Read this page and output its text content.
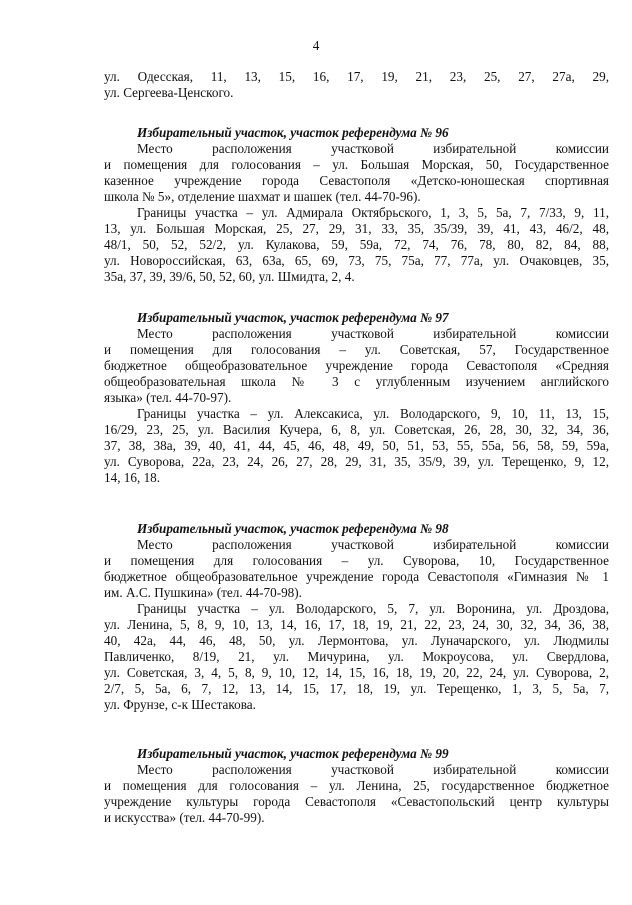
4
ул. Одесская, 11, 13, 15, 16, 17, 19, 21, 23, 25, 27, 27а, 29,
ул. Сергеева-Ценского.
Избирательный участок, участок референдума № 96
Место расположения участковой избирательной комиссии
и помещения для голосования – ул. Большая Морская, 50, Государственное
казенное учреждение города Севастополя «Детско-юношеская спортивная
школа № 5», отделение шахмат и шашек (тел. 44-70-96).
Границы участка – ул. Адмирала Октябрьского, 1, 3, 5, 5а, 7, 7/33, 9, 11,
13, ул. Большая Морская, 25, 27, 29, 31, 33, 35, 35/39, 39, 41, 43, 46/2, 48,
48/1, 50, 52, 52/2, ул. Кулакова, 59, 59а, 72, 74, 76, 78, 80, 82, 84, 88,
ул. Новороссийская, 63, 63а, 65, 69, 73, 75, 75а, 77, 77а, ул. Очаковцев, 35,
35а, 37, 39, 39/6, 50, 52, 60, ул. Шмидта, 2, 4.
Избирательный участок, участок референдума № 97
Место расположения участковой избирательной комиссии
и помещения для голосования – ул. Советская, 57, Государственное
бюджетное общеобразовательное учреждение города Севастополя «Средняя
общеобразовательная школа № 3 с углубленным изучением английского
языка» (тел. 44-70-97).
Границы участка – ул. Алексакиса, ул. Володарского, 9, 10, 11, 13, 15,
16/29, 23, 25, ул. Василия Кучера, 6, 8, ул. Советская, 26, 28, 30, 32, 34, 36,
37, 38, 38а, 39, 40, 41, 44, 45, 46, 48, 49, 50, 51, 53, 55, 55а, 56, 58, 59, 59а,
ул. Суворова, 22а, 23, 24, 26, 27, 28, 29, 31, 35, 35/9, 39, ул. Терещенко, 9, 12,
14, 16, 18.
Избирательный участок, участок референдума № 98
Место расположения участковой избирательной комиссии
и помещения для голосования – ул. Суворова, 10, Государственное
бюджетное общеобразовательное учреждение города Севастополя «Гимназия № 1
им. А.С. Пушкина» (тел. 44-70-98).
Границы участка – ул. Володарского, 5, 7, ул. Воронина, ул. Дроздова,
ул. Ленина, 5, 8, 9, 10, 13, 14, 16, 17, 18, 19, 21, 22, 23, 24, 30, 32, 34, 36, 38,
40, 42а, 44, 46, 48, 50, ул. Лермонтова, ул. Луначарского, ул. Людмилы
Павличенко, 8/19, 21, ул. Мичурина, ул. Мокроусова, ул. Свердлова,
ул. Советская, 3, 4, 5, 8, 9, 10, 12, 14, 15, 16, 18, 19, 20, 22, 24, ул. Суворова, 2,
2/7, 5, 5а, 6, 7, 12, 13, 14, 15, 17, 18, 19, ул. Терещенко, 1, 3, 5, 5а, 7,
ул. Фрунзе, с-к Шестакова.
Избирательный участок, участок референдума № 99
Место расположения участковой избирательной комиссии
и помещения для голосования – ул. Ленина, 25, государственное бюджетное
учреждение культуры города Севастополя «Севастопольский центр культуры
и искусства» (тел. 44-70-99).
